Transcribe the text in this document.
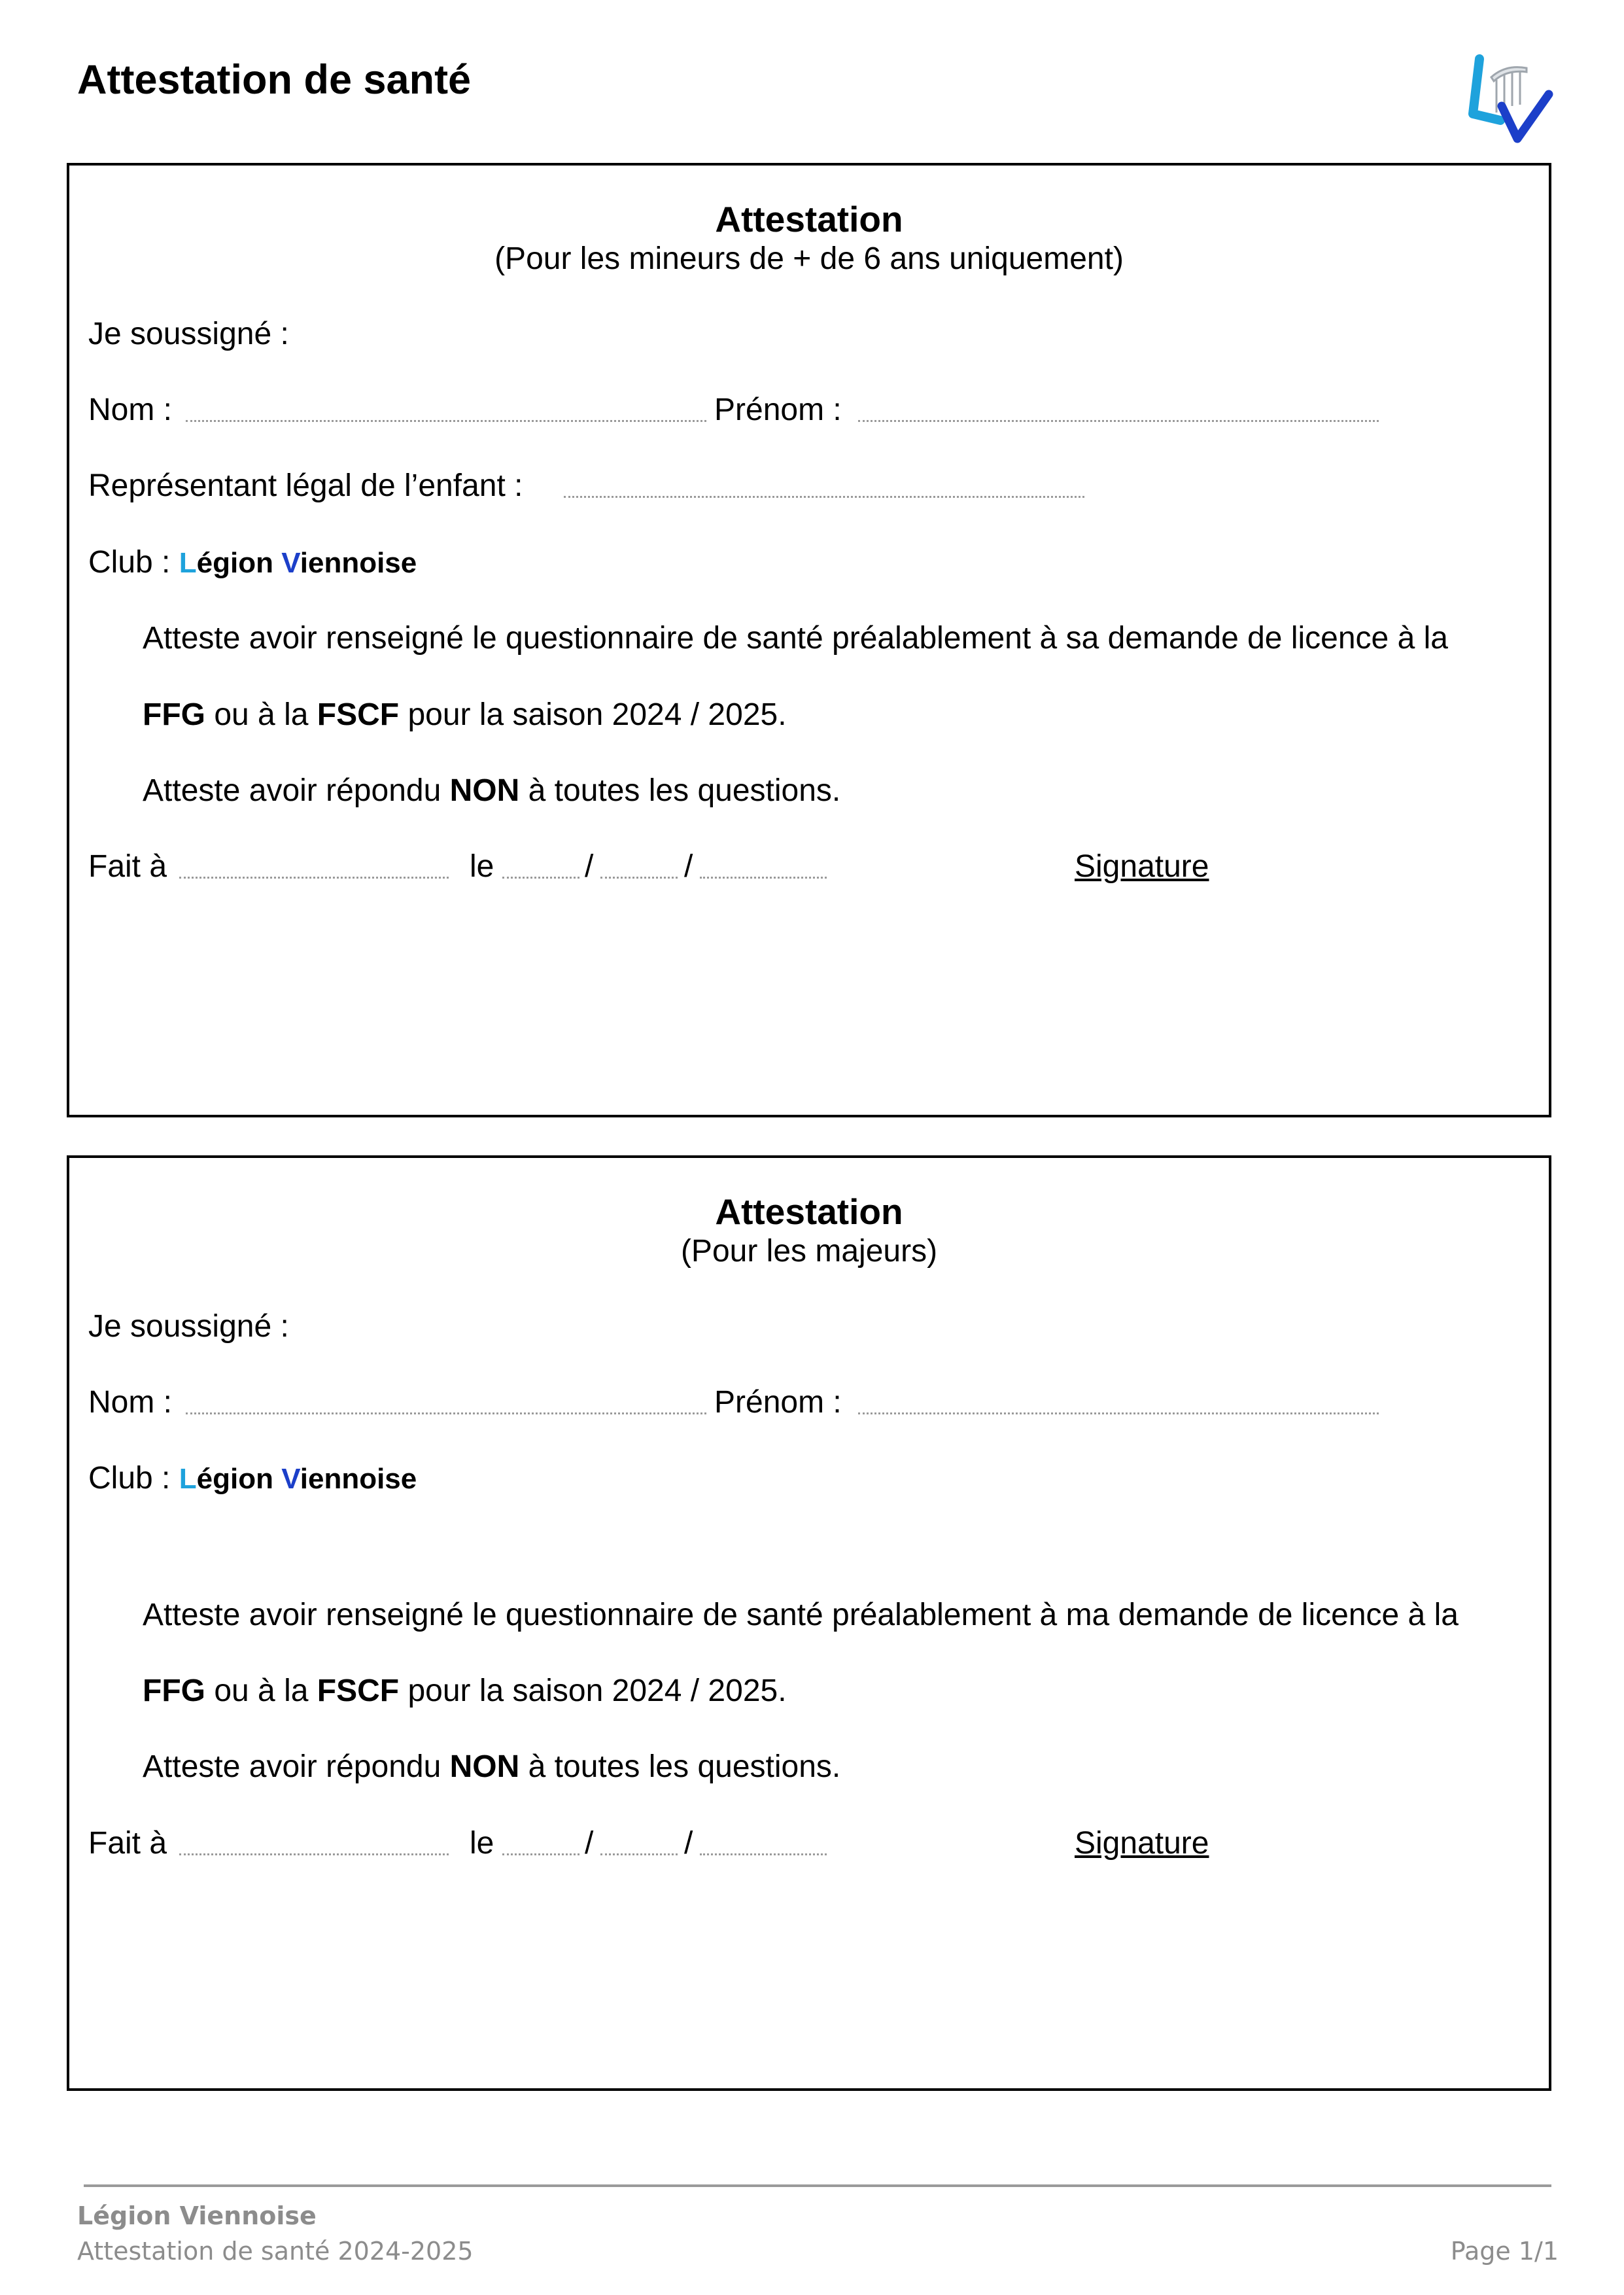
Attestation de santé
Attestation
(Pour les mineurs de + de 6 ans uniquement)
Je soussigné :
Nom :	Prénom :
Représentant légal de l’enfant :
Club : Légion Viennoise
Atteste avoir renseigné le questionnaire de santé préalablement à sa demande de licence à la
FFG ou à la FSCF pour la saison 2024 / 2025.
Atteste avoir répondu NON à toutes les questions.
Fait à	le	/	/	Signature
Attestation
(Pour les majeurs)
Je soussigné :
Nom :	Prénom :
Club : Légion Viennoise
Atteste avoir renseigné le questionnaire de santé préalablement à ma demande de licence à la
FFG ou à la FSCF pour la saison 2024 / 2025.
Atteste avoir répondu NON à toutes les questions.
Fait à	le	/	/	Signature
Légion Viennoise
Attestation de santé 2024-2025	Page 1/1
